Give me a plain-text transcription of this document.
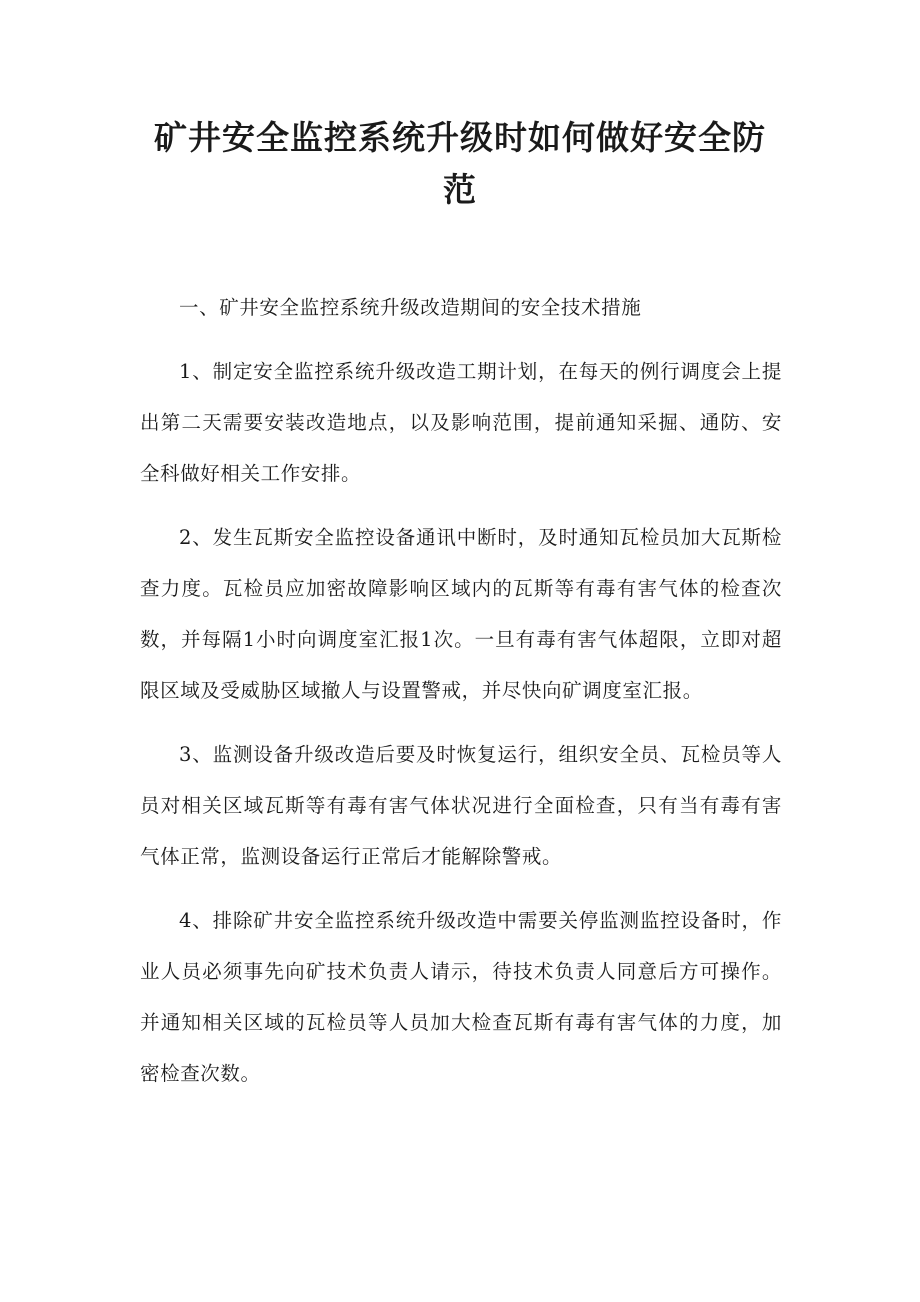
矿井安全监控系统升级时如何做好安全防范

一、矿井安全监控系统升级改造期间的安全技术措施

1、制定安全监控系统升级改造工期计划，在每天的例行调度会上提出第二天需要安装改造地点，以及影响范围，提前通知采掘、通防、安全科做好相关工作安排。

2、发生瓦斯安全监控设备通讯中断时，及时通知瓦检员加大瓦斯检查力度。瓦检员应加密故障影响区域内的瓦斯等有毒有害气体的检查次数，并每隔1小时向调度室汇报1次。一旦有毒有害气体超限，立即对超限区域及受威胁区域撤人与设置警戒，并尽快向矿调度室汇报。

3、监测设备升级改造后要及时恢复运行，组织安全员、瓦检员等人员对相关区域瓦斯等有毒有害气体状况进行全面检查，只有当有毒有害气体正常，监测设备运行正常后才能解除警戒。

4、排除矿井安全监控系统升级改造中需要关停监测监控设备时，作业人员必须事先向矿技术负责人请示，待技术负责人同意后方可操作。并通知相关区域的瓦检员等人员加大检查瓦斯有毒有害气体的力度，加密检查次数。
